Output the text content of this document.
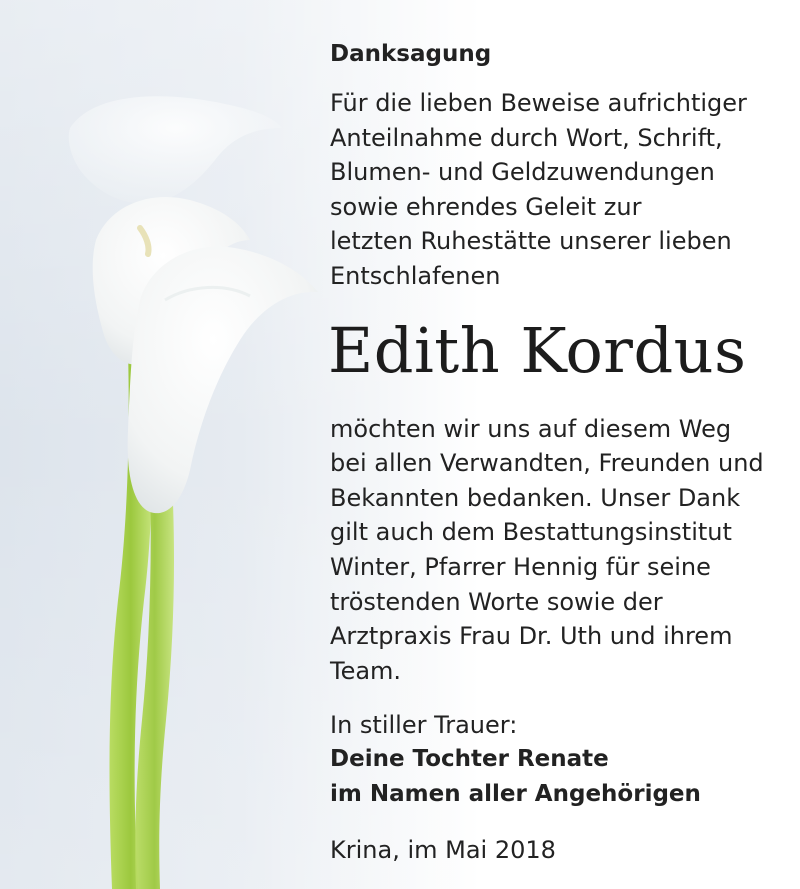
Danksagung
Für die lieben Beweise aufrichtiger
Anteilnahme durch Wort, Schrift,
Blumen- und Geldzuwendungen
sowie ehrendes Geleit zur
letzten Ruhestätte unserer lieben
Entschlafenen
Edith Kordus
möchten wir uns auf diesem Weg
bei allen Verwandten, Freunden und
Bekannten bedanken. Unser Dank
gilt auch dem Bestattungsinstitut
Winter, Pfarrer Hennig für seine
tröstenden Worte sowie der
Arztpraxis Frau Dr. Uth und ihrem
Team.
In stiller Trauer:
Deine Tochter Renate
im Namen aller Angehörigen
Krina, im Mai 2018
